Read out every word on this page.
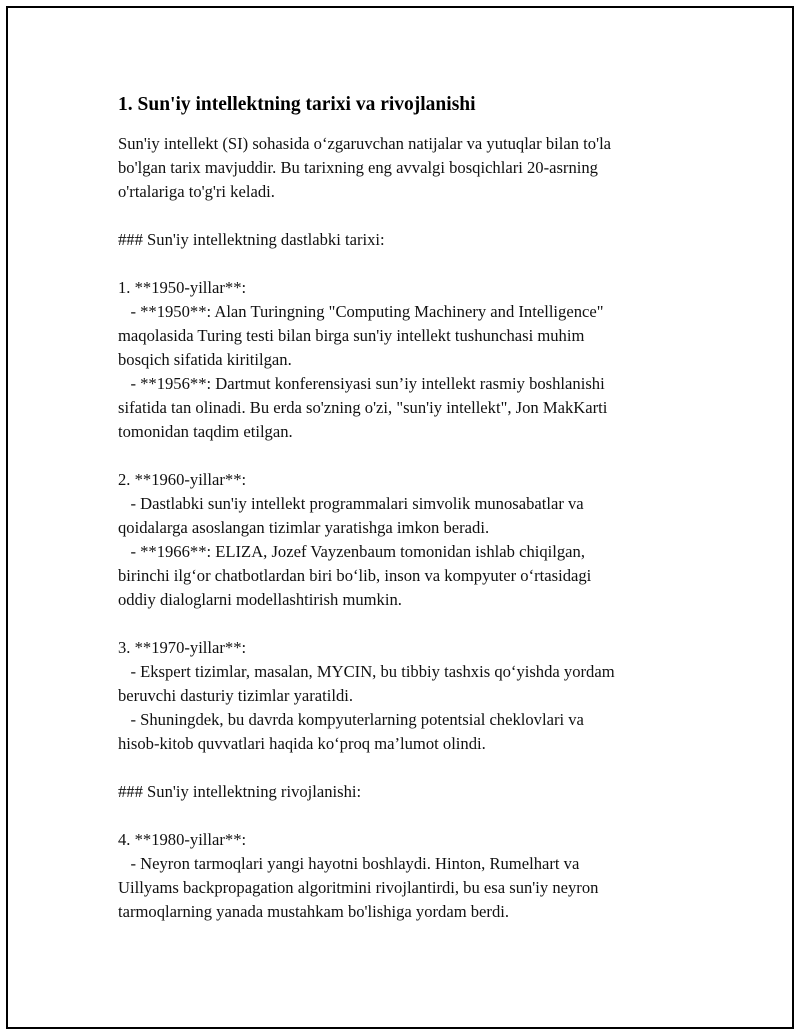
1. Sun'iy intellektning tarixi va rivojlanishi
Sun'iy intellekt (SI) sohasida o‘zgaruvchan natijalar va yutuqlar bilan to'la
bo'lgan tarix mavjuddir. Bu tarixning eng avvalgi bosqichlari 20-asrning
o'rtalariga to'g'ri keladi.
### Sun'iy intellektning dastlabki tarixi:
1. **1950-yillar**:
- **1950**: Alan Turingning "Computing Machinery and Intelligence"
maqolasida Turing testi bilan birga sun'iy intellekt tushunchasi muhim
bosqich sifatida kiritilgan.
- **1956**: Dartmut konferensiyasi sun’iy intellekt rasmiy boshlanishi
sifatida tan olinadi. Bu erda so'zning o'zi, "sun'iy intellekt", Jon MakKarti
tomonidan taqdim etilgan.
2. **1960-yillar**:
- Dastlabki sun'iy intellekt programmalari simvolik munosabatlar va
qoidalarga asoslangan tizimlar yaratishga imkon beradi.
- **1966**: ELIZA, Jozef Vayzenbaum tomonidan ishlab chiqilgan,
birinchi ilg‘or chatbotlardan biri bo‘lib, inson va kompyuter o‘rtasidagi
oddiy dialoglarni modellashtirish mumkin.
3. **1970-yillar**:
- Ekspert tizimlar, masalan, MYCIN, bu tibbiy tashxis qo‘yishda yordam
beruvchi dasturiy tizimlar yaratildi.
- Shuningdek, bu davrda kompyuterlarning potentsial cheklovlari va
hisob-kitob quvvatlari haqida ko‘proq ma’lumot olindi.
### Sun'iy intellektning rivojlanishi:
4. **1980-yillar**:
- Neyron tarmoqlari yangi hayotni boshlaydi. Hinton, Rumelhart va
Uillyams backpropagation algoritmini rivojlantirdi, bu esa sun'iy neyron
tarmoqlarning yanada mustahkam bo'lishiga yordam berdi.
